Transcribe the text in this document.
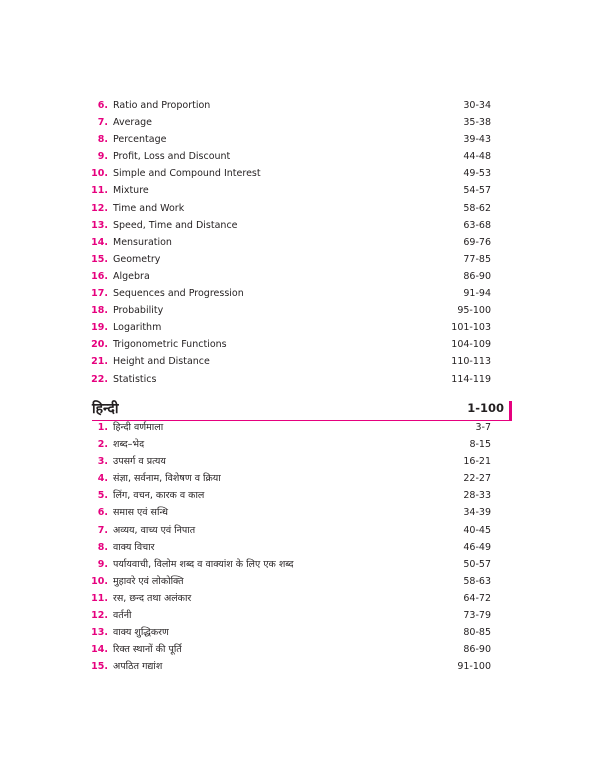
6. Ratio and Proportion	30-34
7. Average	35-38
8. Percentage	39-43
9. Profit, Loss and Discount	44-48
10. Simple and Compound Interest	49-53
11. Mixture	54-57
12. Time and Work	58-62
13. Speed, Time and Distance	63-68
14. Mensuration	69-76
15. Geometry	77-85
16. Algebra	86-90
17. Sequences and Progression	91-94
18. Probability	95-100
19. Logarithm	101-103
20. Trigonometric Functions	104-109
21. Height and Distance	110-113
22. Statistics	114-119
हिन्दी	1-100
1. हिन्दी वर्णमाला	3-7
2. शब्द–भेद	8-15
3. उपसर्ग व प्रत्यय	16-21
4. संज्ञा, सर्वनाम, विशेषण व क्रिया	22-27
5. लिंग, वचन, कारक व काल	28-33
6. समास एवं सन्धि	34-39
7. अव्यय, वाच्य एवं निपात	40-45
8. वाक्य विचार	46-49
9. पर्यायवाची, विलोम शब्द व वाक्यांश के लिए एक शब्द	50-57
10. मुहावरे एवं लोकोक्ति	58-63
11. रस, छन्द तथा अलंकार	64-72
12. वर्तनी	73-79
13. वाक्य शुद्धिकरण	80-85
14. रिक्त स्थानों की पूर्ति	86-90
15. अपठित गद्यांश	91-100
